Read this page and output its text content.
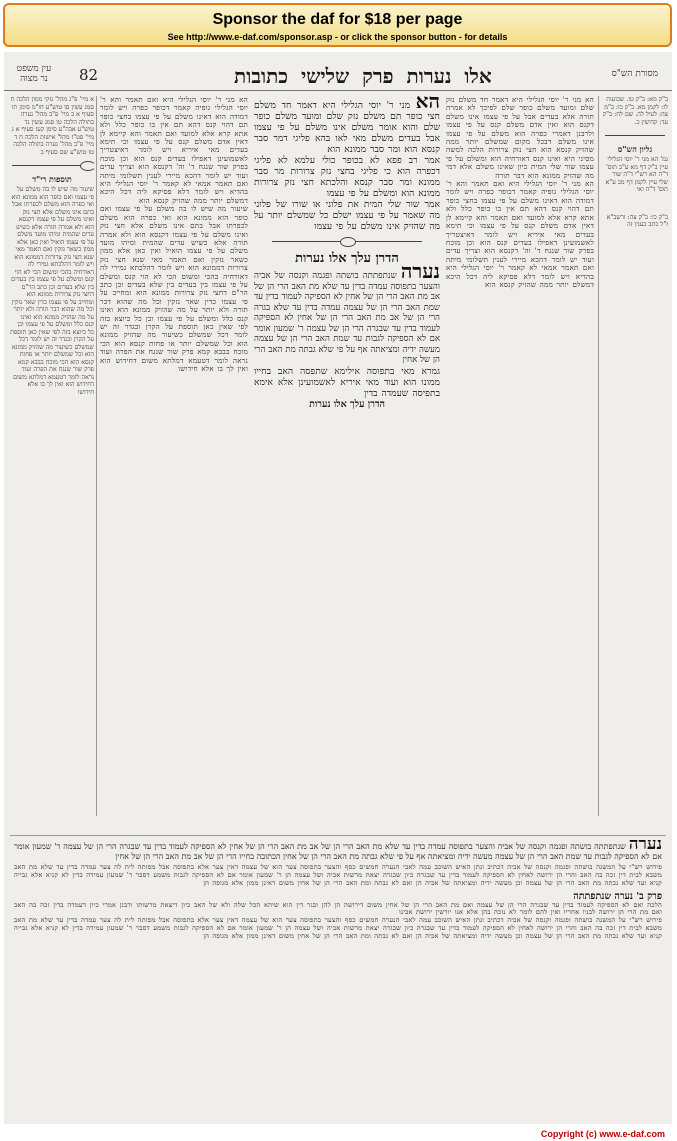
Sponsor the daf for $18 per page
See http://www.e-daf.com/sponsor.asp - or click the sponsor button - for details
עין משפט נר מצוה	82	אלו נערות פרק שלישי כתובות	מסורת הש"ס
א מיי' פ"ג מהל' נזקי ממון הלכה ח סמג עשין סו טוש"ע חו"מ סימן תו סעיף א ב מיי' פ"ב מהל' נערה בתולה הלכה טו סמג עשין נד טוש"ע אבה"ע סימן קעז סעיף א ג מיי' פט"ז מהל' אישות הלכה ח ד מיי' פ"ב מהל' נערה בתולה הלכה טז טוש"ע שם סעיף ב
תוספות רי"ד
שיעור מה שיש לו בה משלם על פי עצמו ואם כופר הוא ממונא הוא ואי כפרה הוא משלם לכפרתו אבל בתם אינו משלם אלא חצי נזק ואינו משלם על פי עצמו דקנסא הוא ולא אמרה תורה אלא כשיש עדים שהמית ומיהו מועד משלם על פי עצמו הואיל ואין כאן אלא ממון כשאר נזקין ואם תאמר מאי שנא חצי נזק צרורות דממונא הוא ויש לומר דהלכתא גמירי לה דאורחיה בהכי ומשום הכי לא הוי קנס ומשלם על פי עצמו בין בעדים בין שלא בעדים וכן כתב הר"ם דחצי נזק צרורות ממונא הוא ומחייב על פי עצמו כדין שאר נזקין וכל מה שהוא דבר תורה ולא יותר על מה שהזיק ממונא הוא ואינו קנס כלל ומשלם על פי עצמו וכן כל כיוצא בזה לפי שאין כאן תוספת על הקרן ובגדר זה יש לומר דכל שמשלם כשיעור מה שהזיק ממונא הוא וכל שמשלם יותר או פחות קנסא הוא הכי מוכח בבבא קמא פרק שור שנגח את הפרה ועוד נראה לומר דטעמא דמלתא משום דחידוש הוא ואין לך בו אלא חידושו
הא מני ר' יוסי הגלילי היא ואם תאמר והא ר' יוסי הגלילי גופיה קאמר דכופר כפרה ויש לומר דמודה הוא דאינו משלם על פי עצמו בחצי כופר תם דהוי קנס דהא תם אין בו כופר כלל ולא אתא קרא אלא למועד ואם תאמר והא קיימא לן דאין אדם משלם קנס על פי עצמו וכי תימא בעדים מאי איריא ויש לומר דאיצטריך לאשמועינן דאפילו בעדים קנס הוא וכן מוכח בפרק שור שנגח ד' וה' דקנסא הוא וצריך עדים ועוד יש לומר דהכא מיירי לענין תשלומי מיתה ואם תאמר אמאי לא קאמר ר' יוסי הגלילי היא בהדיא ויש לומר דלא פסיקא ליה דכל היכא דמשלם יותר ממה שהזיק קנסא הוא
שיעור מה שיש לו בה משלם על פי עצמו ואם כופר הוא ממונא הוא ואי כפרה הוא משלם לכפרתו אבל בתם אינו משלם אלא חצי נזק ואינו משלם על פי עצמו דקנסא הוא ולא אמרה תורה אלא כשיש עדים שהמית ומיהו מועד משלם על פי עצמו הואיל ואין כאן אלא ממון כשאר נזקין ואם תאמר מאי שנא חצי נזק צרורות דממונא הוא ויש לומר דהלכתא גמירי לה דאורחיה בהכי ומשום הכי לא הוי קנס ומשלם על פי עצמו בין בעדים בין שלא בעדים וכן כתב הר"ם דחצי נזק צרורות ממונא הוא ומחייב על פי עצמו כדין שאר נזקין וכל מה שהוא דבר תורה ולא יותר על מה שהזיק ממונא הוא ואינו קנס כלל ומשלם על פי עצמו וכן כל כיוצא בזה לפי שאין כאן תוספת על הקרן ובגדר זה יש לומר דכל שמשלם כשיעור מה שהזיק ממונא הוא וכל שמשלם יותר או פחות קנסא הוא הכי מוכח בבבא קמא פרק שור שנגח את הפרה ועוד נראה לומר דטעמא דמלתא משום דחידוש הוא ואין לך בו אלא חידושו
הא מני ר' יוסי הגלילי היא דאמר חד משלם חצי כופר תם משלם נזק שלם ומועד משלם כופר שלם והוא אומר משלם אינו משלם על פי עצמו אבל בעדים משלם מאי לאו בהא פליגי דמר סבר קנסא הוא ומר סבר ממונא הוא
אמר רב פפא לא בכופר כולי עלמא לא פליגי דכפרה הוא כי פליגי בחצי נזק צרורות מר סבר ממונא ומר סבר קנסא והלכתא חצי נזק צרורות ממונא הוא ומשלם על פי עצמו
אמר שור שלי המית את פלוני או שורו של פלוני מה שאמר על פי עצמו ישלם כל שמשלם יותר על מה שהזיק אינו משלם על פי עצמו
הדרן עלך אלו נערות
נערה שנתפתתה בושתה ופגמה וקנסה של אביה והצער בתפוסה עמדה בדין עד שלא מת האב הרי הן של אב מת האב הרי הן של אחין לא הספיקה לעמוד בדין עד שמת האב הרי הן של עצמה עמדה בדין עד שלא בגרה הרי הן של אב מת האב הרי הן של אחין לא הספיקה לעמוד בדין עד שבגרה הרי הן של עצמה ר' שמעון אומר אם לא הספיקה לגבות עד שמת האב הרי הן של עצמה מעשה ידיה ומציאתה אף על פי שלא גבתה מת האב הרי הן של אחין
גמרא מאי בתפוסה אילימא שתפסה האב בחייו ממונו הוא ועוד מאי איריא לאשמועינן אלא אימא בתפיסה שעמדה בדין
הדרן עלך אלו נערות
הא מני ר' יוסי הגלילי היא דאמר חד משלם נזק שלם ומועד משלם כופר שלם לפיכך לא אמרה תורה אלא בעדים אבל על פי עצמו אינו משלם דקנס הוא ואין אדם משלם קנס על פי עצמו ולרבנן דאמרי כפרה הוא משלם על פי עצמו אינו משלם דבכל מקום שמשלם יותר ממה שהזיק קנסא הוא חצי נזק צרורות הלכה למשה מסיני היא ואינו קנס דאורחיה הוא ומשלם על פי עצמו שור שלי המית כיון שאינו משלם אלא דמי מה שהזיק ממונא הוא דבר תורה
הא מני ר' יוסי הגלילי היא ואם תאמר והא ר' יוסי הגלילי גופיה קאמר דכופר כפרה ויש לומר דמודה הוא דאינו משלם על פי עצמו בחצי כופר תם דהוי קנס דהא תם אין בו כופר כלל ולא אתא קרא אלא למועד ואם תאמר והא קיימא לן דאין אדם משלם קנס על פי עצמו וכי תימא בעדים מאי איריא ויש לומר דאיצטריך לאשמועינן דאפילו בעדים קנס הוא וכן מוכח בפרק שור שנגח ד' וה' דקנסא הוא וצריך עדים ועוד יש לומר דהכא מיירי לענין תשלומי מיתה ואם תאמר אמאי לא קאמר ר' יוסי הגלילי היא בהדיא ויש לומר דלא פסיקא ליה דכל היכא דמשלם יותר ממה שהזיק קנסא הוא
ב"ק מא: ב"ק טו. שבועות לז: לקמן מא. ב"ק כו: ב"מ צה: לעיל לה. שם לח: ב"ק עד: קדושין כ.
גליון הש"ס
גמ' הא מני ר' יוסי הגלילי עיין ב"ק דף מא ע"ב תוס' ד"ה הא רש"י ד"ה שור שלי עיין לקמן דף מב ע"א תוס' ד"ה ואי
ב"ק כו: ב"ק צה: ורשב"א ז"ל כתב בענין זה
נערה שנתפתתה בושתה ופגמה וקנסה של אביה והצער בתפוסה עמדה בדין עד שלא מת האב הרי הן של אב מת האב הרי הן של אחין לא הספיקה לעמוד בדין עד שבגרה הרי הן של עצמה ר' שמעון אומר אם לא הספיקה לגבות עד שמת האב הרי הן של עצמה מעשה ידיה ומציאתה אף על פי שלא גבתה מת האב הרי הן של אחין הכתובה בחייו הרי הן של אב מת האב הרי הן של אחין
פירוש רש"י על המשנה בושתה ופגמה וקנסה של אביה דכתיב ונתן האיש השוכב עמה לאבי הנערה חמשים כסף והצער בתפוסה צער הוא של עצמה דאין צער אלא בתפוסה אבל מפותה לית לה צער עמדה בדין עד שלא מת האב משבא לבית דין זכה בה האב והרי הן ירושה לאחין לא הספיקה לעמוד בדין עד שבגרה כיון שבגרה יצאת מרשות אביה ושל עצמה הן ר' שמעון אומר אם לא הספיקה לגבות משמע דסבר ר' שמעון עמידה בדין לא קניא אלא גבייה קניא ועד שלא גבתה מת האב הרי הן של עצמה וכן מעשה ידיה ומציאתה של אביה הן ואם לא גבתה ומת האב הרי הן של אחין משום דאינן ממון אלא מגופה הן
פרק ב' נערה שנתפתתה
הלכה ואם לא הספיקה לעמוד בדין עד שבגרה הרי הן של עצמה ואם מת האב הרי הן של אחין משום דירושה הן להן ובגר דין הוא שיהא הכל שלה ולא של האב כיון דיצאת מרשותו ורבנן אמרי כיון דעמדה בדין זכה בה האב ואם מת הרי הן ירושה לבניו אחריו ואין להם לומר לא נזכה בהן אלא אנו יורשין ירושת אבינו
פירוש רש"י על המשנה בושתה ופגמה וקנסה של אביה דכתיב ונתן האיש השוכב עמה לאבי הנערה חמשים כסף והצער בתפוסה צער הוא של עצמה דאין צער אלא בתפוסה אבל מפותה לית לה צער עמדה בדין עד שלא מת האב משבא לבית דין זכה בה האב והרי הן ירושה לאחין לא הספיקה לעמוד בדין עד שבגרה כיון שבגרה יצאת מרשות אביה ושל עצמה הן ר' שמעון אומר אם לא הספיקה לגבות משמע דסבר ר' שמעון עמידה בדין לא קניא אלא גבייה קניא ועד שלא גבתה מת האב הרי הן של עצמה וכן מעשה ידיה ומציאתה של אביה הן ואם לא גבתה ומת האב הרי הן של אחין משום דאינן ממון אלא מגופה הן
Copyright (c) www.e-daf.com
